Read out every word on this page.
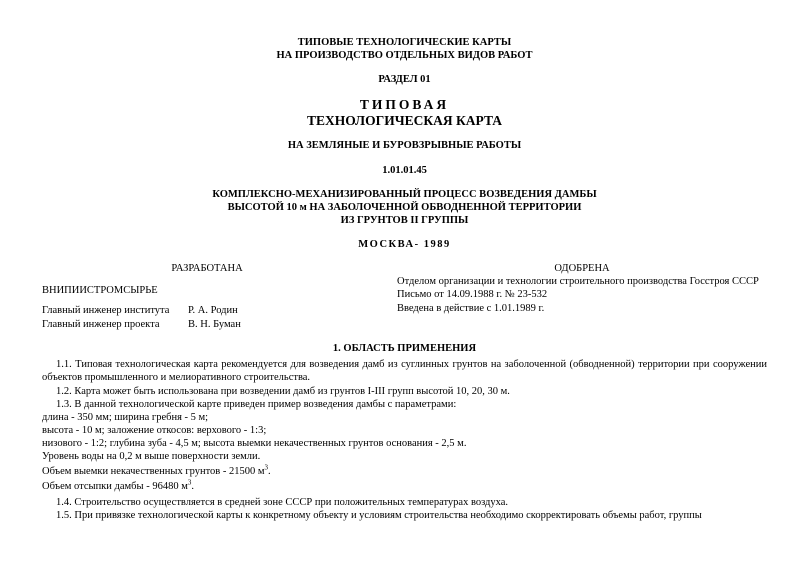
ТИПОВЫЕ ТЕХНОЛОГИЧЕСКИЕ КАРТЫ
НА ПРОИЗВОДСТВО ОТДЕЛЬНЫХ ВИДОВ РАБОТ
РАЗДЕЛ 01
ТИПОВАЯ
ТЕХНОЛОГИЧЕСКАЯ КАРТА
НА ЗЕМЛЯНЫЕ И БУРОВЗРЫВНЫЕ РАБОТЫ
1.01.01.45
КОМПЛЕКСНО-МЕХАНИЗИРОВАННЫЙ ПРОЦЕСС ВОЗВЕДЕНИЯ ДАМБЫ
ВЫСОТОЙ 10 м НА ЗАБОЛОЧЕННОЙ ОБВОДНЕННОЙ ТЕРРИТОРИИ
ИЗ ГРУНТОВ II ГРУППЫ
МОСКВА- 1989
РАЗРАБОТАНА
ВНИПИИСТРОМСЫРЬЕ
Главный инженер института	Р. А. Родин
Главный инженер проекта	В. Н. Буман
ОДОБРЕНА
Отделом организации и технологии строительного производства Госстроя СССР
Письмо от 14.09.1988 г. № 23-532
Введена в действие с 1.01.1989 г.
1. ОБЛАСТЬ ПРИМЕНЕНИЯ

1.1. Типовая технологическая карта рекомендуется для возведения дамб из суглинных грунтов на заболоченной (обводненной) территории при сооружении объектов промышленного и мелиоративного строительства.

1.2. Карта может быть использована при возведении дамб из грунтов I-III групп высотой 10, 20, 30 м.

1.3. В данной технологической карте приведен пример возведения дамбы с параметрами:

длина - 350 мм; ширина гребня - 5 м;

высота - 10 м; заложение откосов: верхового - 1:3;

низового - 1:2; глубина зуба - 4,5 м; высота выемки некачественных грунтов основания - 2,5 м.

Уровень воды на 0,2 м выше поверхности земли.

Объем выемки некачественных грунтов - 21500 $м^3$.

Объем отсыпки дамбы - 96480 $м^3$.

1.4. Строительство осуществляется в средней зоне СССР при положительных температурах воздуха.

1.5. При привязке технологической карты к конкретному объекту и условиям строительства необходимо скорректировать объемы работ, группы
